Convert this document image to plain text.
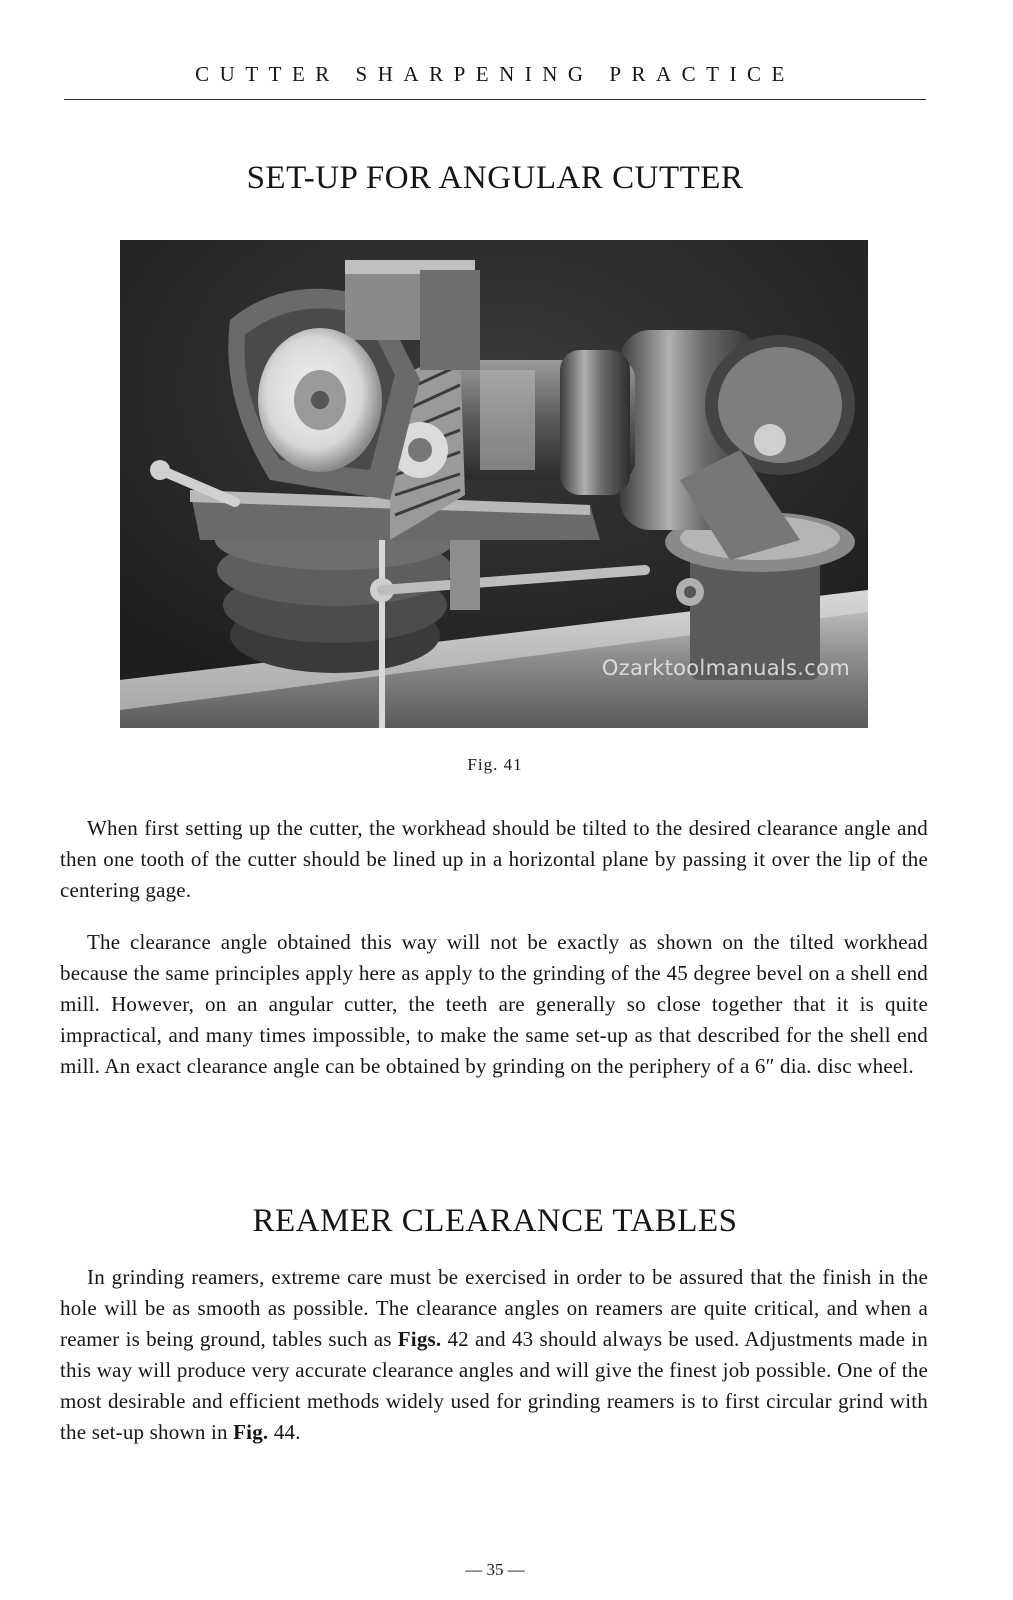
CUTTER SHARPENING PRACTICE
SET-UP FOR ANGULAR CUTTER
Ozarktoolmanuals.com
Fig. 41

When first setting up the cutter, the workhead should be tilted to the desired clearance angle and then one tooth of the cutter should be lined up in a horizontal plane by passing it over the lip of the centering gage.

The clearance angle obtained this way will not be exactly as shown on the tilted workhead because the same principles apply here as apply to the grinding of the 45 degree bevel on a shell end mill. However, on an angular cutter, the teeth are generally so close together that it is quite impractical, and many times impossible, to make the same set-up as that described for the shell end mill. An exact clearance angle can be obtained by grinding on the periphery of a 6″ dia. disc wheel.

REAMER CLEARANCE TABLES

In grinding reamers, extreme care must be exercised in order to be assured that the finish in the hole will be as smooth as possible. The clearance angles on reamers are quite critical, and when a reamer is being ground, tables such as Figs. 42 and 43 should always be used. Adjustments made in this way will produce very accurate clearance angles and will give the finest job possible. One of the most desirable and efficient methods widely used for grinding reamers is to first circular grind with the set-up shown in Fig. 44.

— 35 —
